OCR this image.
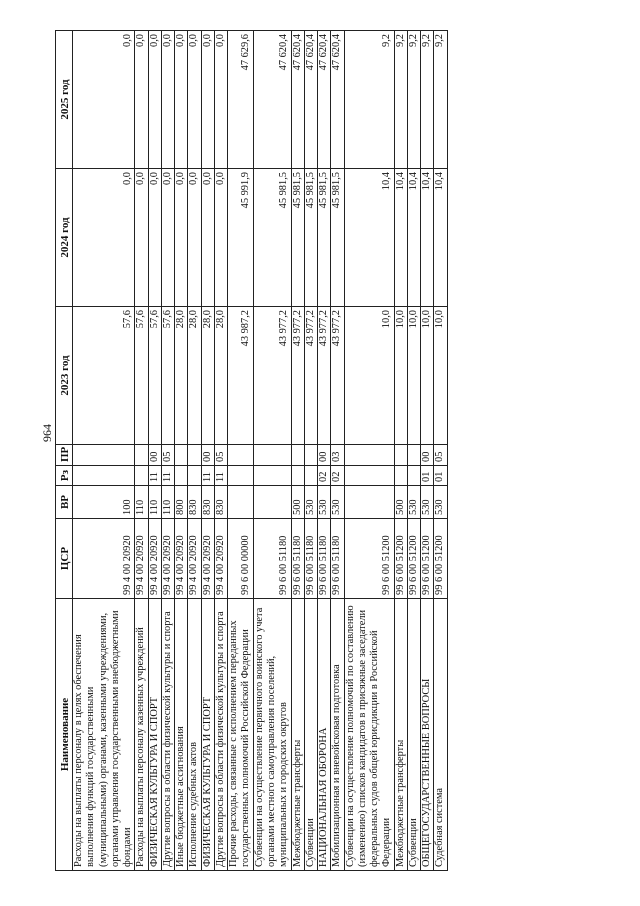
964
Наименование	ЦСР	ВР	Рз	ПР	2023 год	2024 год	2025 год
Расходы на выплаты персоналу в целях обеспечения выполнения функций государственными (муниципальными) органами, казенными учреждениями, органами управления государственными внебюджетными фондами	99 4 00 20920	100			57,6	0,0	0,0
Расходы на выплаты персоналу казенных учреждений	99 4 00 20920	110			57,6	0,0	0,0
ФИЗИЧЕСКАЯ КУЛЬТУРА И СПОРТ	99 4 00 20920	110	11	00	57,6	0,0	0,0
Другие вопросы в области физической культуры и спорта	99 4 00 20920	110	11	05	57,6	0,0	0,0
Иные бюджетные ассигнования	99 4 00 20920	800			28,0	0,0	0,0
Исполнение судебных актов	99 4 00 20920	830			28,0	0,0	0,0
ФИЗИЧЕСКАЯ КУЛЬТУРА И СПОРТ	99 4 00 20920	830	11	00	28,0	0,0	0,0
Другие вопросы в области физической культуры и спорта	99 4 00 20920	830	11	05	28,0	0,0	0,0
Прочие расходы, связанные с исполнением переданных государственных полномочий Российской Федерации	99 6 00 00000				43 987,2	45 991,9	47 629,6
Субвенции на осуществление первичного воинского учета органами местного самоуправления поселений, муниципальных и городских округов	99 6 00 51180				43 977,2	45 981,5	47 620,4
Межбюджетные трансферты	99 6 00 51180	500			43 977,2	45 981,5	47 620,4
Субвенции	99 6 00 51180	530			43 977,2	45 981,5	47 620,4
НАЦИОНАЛЬНАЯ ОБОРОНА	99 6 00 51180	530	02	00	43 977,2	45 981,5	47 620,4
Мобилизационная и вневойсковая подготовка	99 6 00 51180	530	02	03	43 977,2	45 981,5	47 620,4
Субвенции на осуществление полномочий по составлению (изменению) списков кандидатов в присяжные заседатели федеральных судов общей юрисдикции в Российской Федерации	99 6 00 51200				10,0	10,4	9,2
Межбюджетные трансферты	99 6 00 51200	500			10,0	10,4	9,2
Субвенции	99 6 00 51200	530			10,0	10,4	9,2
ОБЩЕГОСУДАРСТВЕННЫЕ ВОПРОСЫ	99 6 00 51200	530	01	00	10,0	10,4	9,2
Судебная система	99 6 00 51200	530	01	05	10,0	10,4	9,2
